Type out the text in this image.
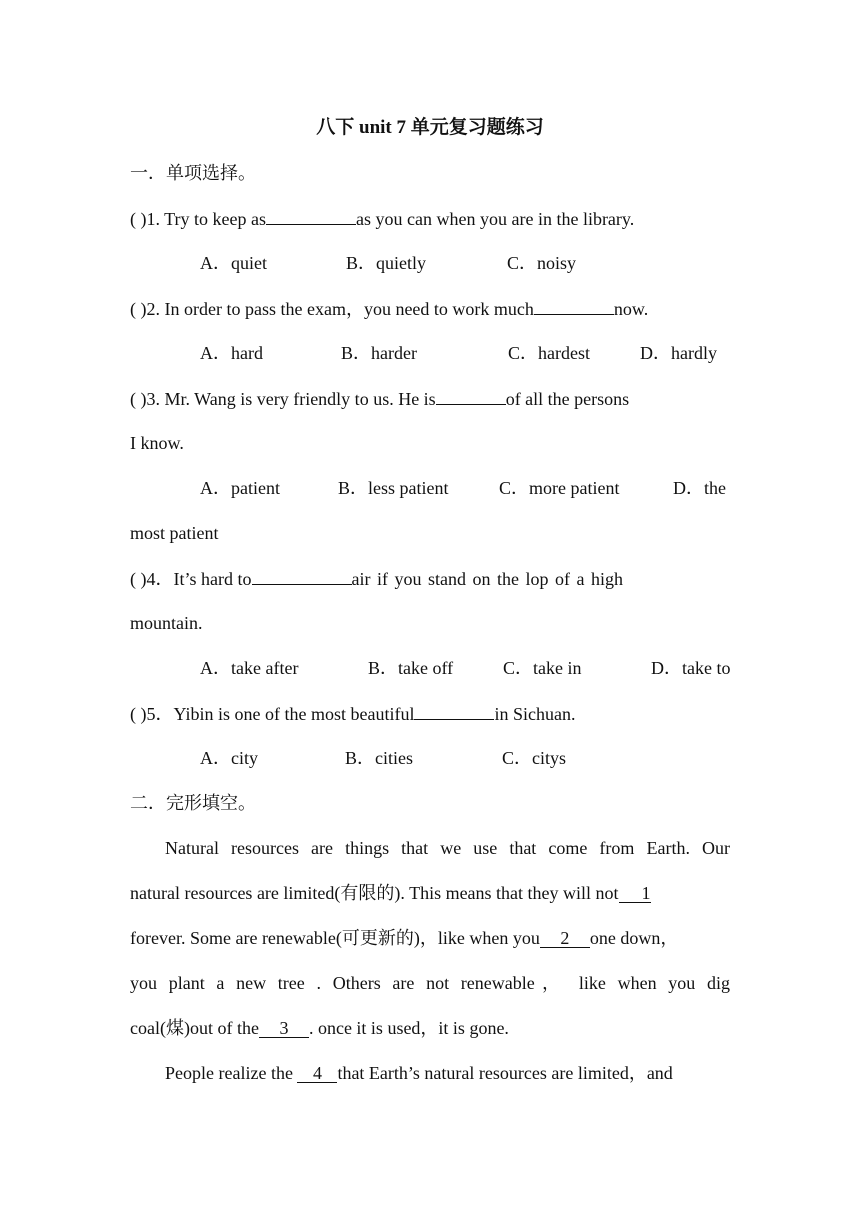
八下 unit 7 单元复习题练习
一．单项选择。
( )1. Try to keep as	as you can when you are in the library.
A．quiet	B．quietly	C．noisy
( )2. In order to pass the exam，you need to work much	now.
A．hard	B．harder	C．hardest	D．hardly
( )3. Mr. Wang is very friendly to us. He is	of all the persons
I know.
A．patient	B．less patient	C．more patient	D．the
most patient
( )4．It’s hard to	air if you stand on the lop of a high
mountain.
A．take after	B．take off	C．take in	D．take to
( )5．Yibin is one of the most beautiful	in Sichuan.
A．city	B．cities	C．citys
二．完形填空。
Natural resources are things that we use that come from Earth. Our
natural resources are limited(有限的). This means that they will not 1
forever. Some are renewable(可更新的)，like when you 2 one down，
you plant a new tree . Others are not renewable， like when you dig
coal(煤)out of the 3 . once it is used，it is gone.
People realize the 4 that Earth’s natural resources are limited，and
